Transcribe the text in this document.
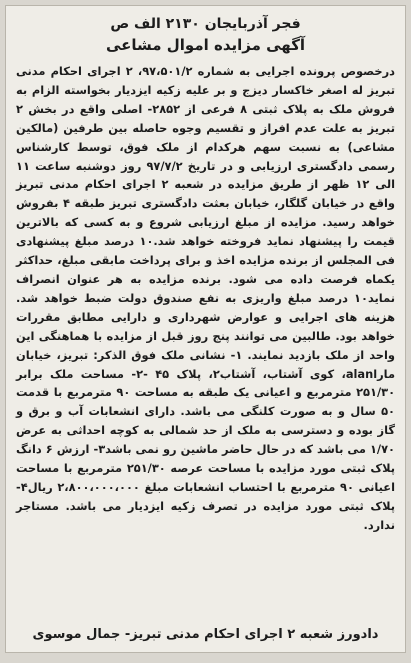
فجر آذربایجان ۲۱۳۰ الف ص

آگهی مزایده اموال مشاعی

درخصوص پرونده اجرایی به شماره ۹۷،۵۰۱/۲، ۲ اجرای احکام مدنی تبریز له اصغر خاکسار دیزج و بر علیه زکیه ایزدیار بخواسته الزام به فروش ملک به پلاک ثبتی ۸ فرعی از ۲۸۵۲- اصلی واقع در بخش ۲ تبریز به علت عدم افراز و تقسیم وجوه حاصله بین طرفین (مالکین مشاعی) به نسبت سهم هرکدام از ملک فوق، توسط کارشناس رسمی دادگستری ارزیابی و در تاریخ ۹۷/۷/۲ روز دوشنبه ساعت ۱۱ الی ۱۲ ظهر از طریق مزایده در شعبه ۲ اجرای احکام مدنی تبریز واقع در خیابان گلگار، خیابان بعثت دادگستری تبریز طبقه ۴ بفروش خواهد رسید. مزایده از مبلغ ارزیابی شروع و به کسی که بالاترین قیمت را پیشنهاد نماید فروخته خواهد شد.۱۰ درصد مبلغ پیشنهادی فی المجلس از برنده مزایده اخذ و برای پرداخت مابقی مبلغ، حداکثر یکماه فرصت داده می شود. برنده مزایده به هر عنوان انصراف نماید۱۰ درصد مبلغ واریزی به نفع صندوق دولت ضبط خواهد شد. هزینه های اجرایی و عوارض شهرداری و دارایی مطابق مقررات خواهد بود. طالبین می توانند پنج روز قبل از مزایده با هماهنگی این واحد از ملک بازدید نمایند. ۱- نشانی ملک فوق الذکر: تبریز، خیابان ماراalan، کوی آشتاب، آشتاب۲، پلاک ۴۵ -۲- مساحت ملک برابر ۲۵۱/۳۰ مترمربع و اعیانی یک طبقه به مساحت ۹۰ مترمربع با قدمت ۵۰ سال و به صورت کلنگی می باشد. دارای انشعابات آب و برق و گاز بوده و دسترسی به ملک از حد شمالی به کوچه احداثی به عرض ۱/۷۰ می باشد که در حال حاضر ماشین رو نمی باشد۳- ارزش ۶ دانگ پلاک ثبتی مورد مزایده با مساحت عرصه ۲۵۱/۳۰ مترمربع با مساحت اعیانی ۹۰ مترمربع با احتساب انشعابات مبلغ ۲،۸۰۰،۰۰۰،۰۰۰ ریال۴- پلاک ثبتی مورد مزایده در تصرف زکیه ایزدیار می باشد. مستاجر ندارد.

دادورز شعبه ۲ اجرای احکام مدنی تبریز- جمال موسوی
